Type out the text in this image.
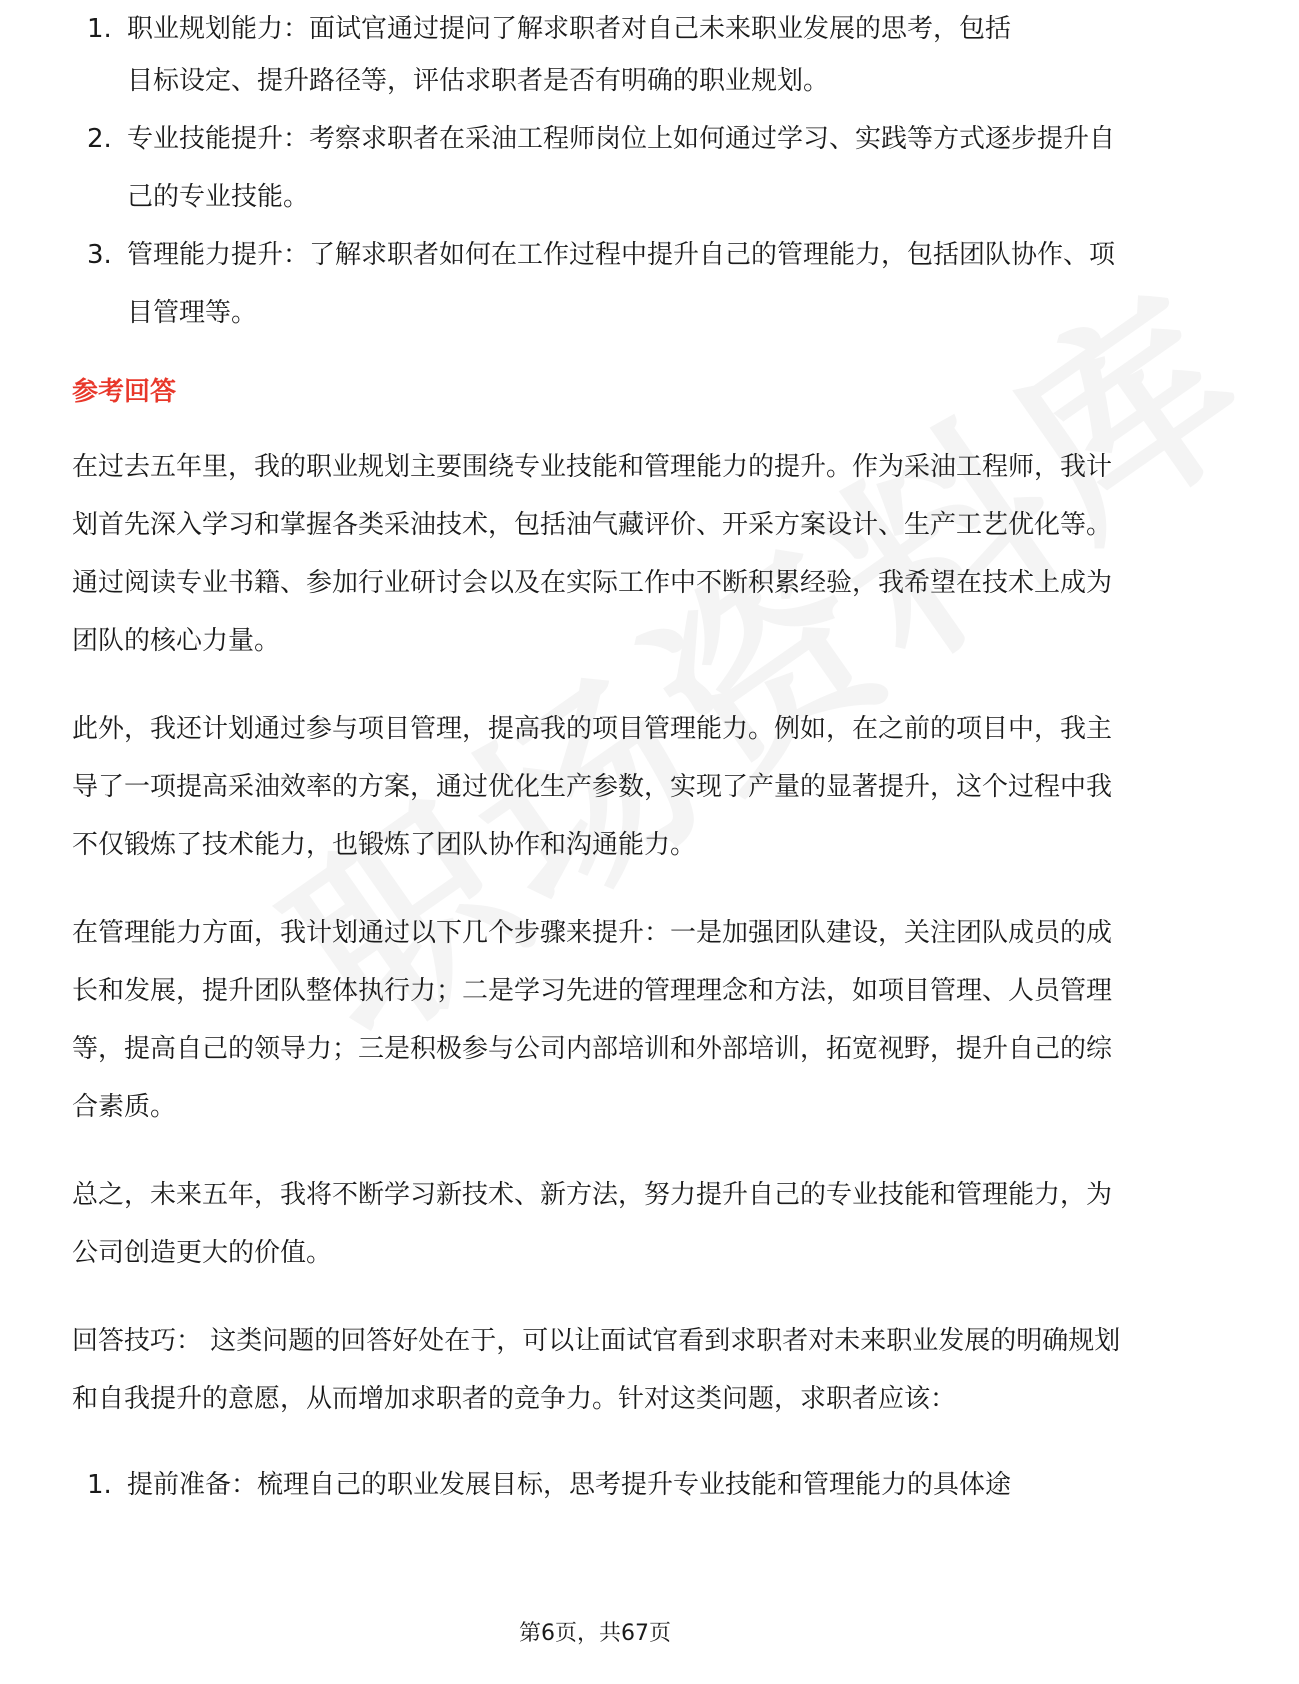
1. 职业规划能力：面试官通过提问了解求职者对自己未来职业发展的思考，包括
目标设定、提升路径等，评估求职者是否有明确的职业规划。
2. 专业技能提升：考察求职者在采油工程师岗位上如何通过学习、实践等方式逐步提升自己的专业技能。
3. 管理能力提升：了解求职者如何在工作过程中提升自己的管理能力，包括团队协作、项目管理等。
参考回答

在过去五年里，我的职业规划主要围绕专业技能和管理能力的提升。作为采油工程师，我计划首先深入学习和掌握各类采油技术，包括油气藏评价、开采方案设计、生产工艺优化等。通过阅读专业书籍、参加行业研讨会以及在实际工作中不断积累经验，我希望在技术上成为团队的核心力量。

此外，我还计划通过参与项目管理，提高我的项目管理能力。例如，在之前的项目中，我主导了一项提高采油效率的方案，通过优化生产参数，实现了产量的显著提升，这个过程中我不仅锻炼了技术能力，也锻炼了团队协作和沟通能力。

在管理能力方面，我计划通过以下几个步骤来提升：一是加强团队建设，关注团队成员的成长和发展，提升团队整体执行力；二是学习先进的管理理念和方法，如项目管理、人员管理等，提高自己的领导力；三是积极参与公司内部培训和外部培训，拓宽视野，提升自己的综合素质。

总之，未来五年，我将不断学习新技术、新方法，努力提升自己的专业技能和管理能力，为公司创造更大的价值。

回答技巧： 这类问题的回答好处在于，可以让面试官看到求职者对未来职业发展的明确规划和自我提升的意愿，从而增加求职者的竞争力。针对这类问题，求职者应该：

1. 提前准备：梳理自己的职业发展目标，思考提升专业技能和管理能力的具体途
第6页，共67页
